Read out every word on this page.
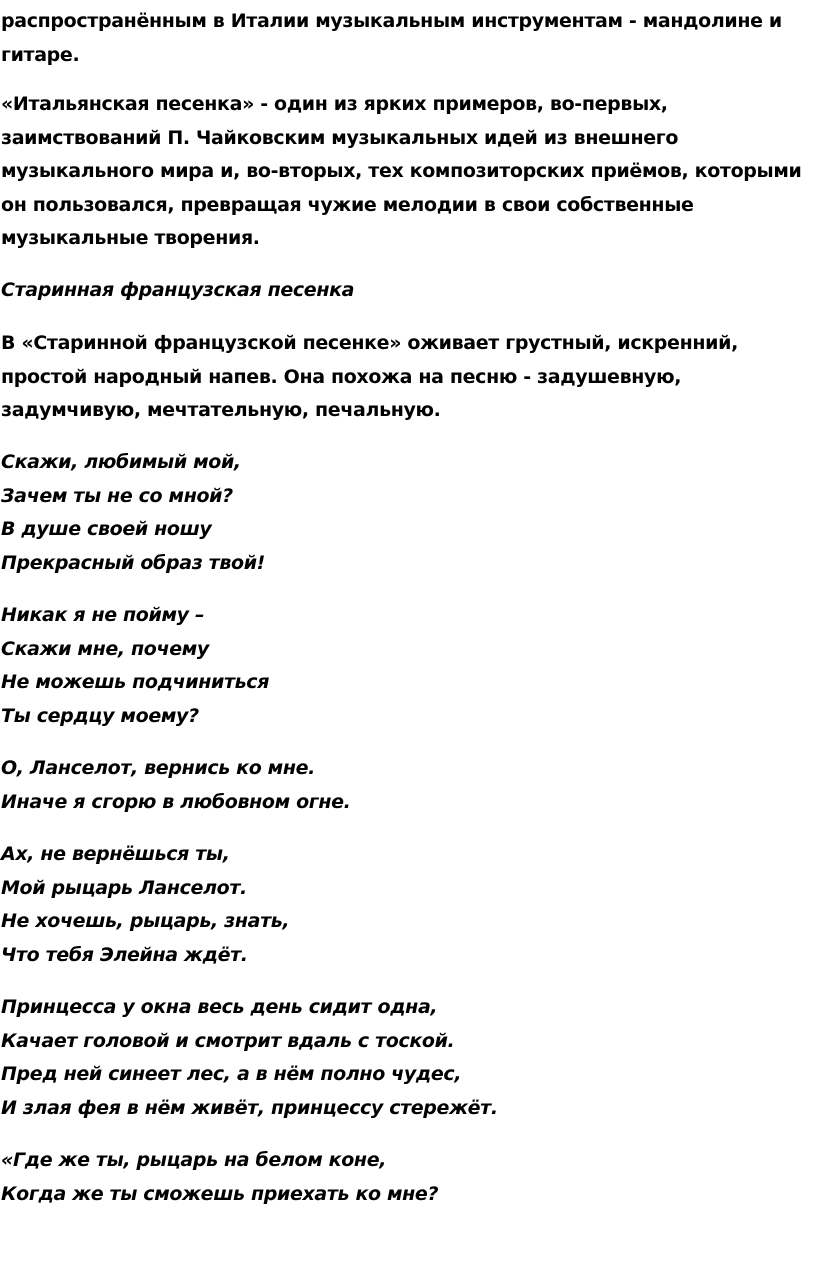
распространённым в Италии музыкальным инструментам - мандолине и
гитаре.
«Итальянская песенка» - один из ярких примеров, во-первых,
заимствований П. Чайковским музыкальных идей из внешнего
музыкального мира и, во-вторых, тех композиторских приёмов, которыми
он пользовался, превращая чужие мелодии в свои собственные
музыкальные творения.
Старинная французская песенка
В «Старинной французской песенке» оживает грустный, искренний,
простой народный напев. Она похожа на песню - задушевную,
задумчивую, мечтательную, печальную.
Скажи, любимый мой,
Зачем ты не со мной?
В душе своей ношу
Прекрасный образ твой!
Никак я не пойму –
Скажи мне, почему
Не можешь подчиниться
Ты сердцу моему?
О, Ланселот, вернись ко мне.
Иначе я сгорю в любовном огне.
Ах, не вернёшься ты,
Мой рыцарь Ланселот.
Не хочешь, рыцарь, знать,
Что тебя Элейна ждёт.
Принцесса у окна весь день сидит одна,
Качает головой и смотрит вдаль с тоской.
Пред ней синеет лес, а в нём полно чудес,
И злая фея в нём живёт, принцессу стережёт.
«Где же ты, рыцарь на белом коне,
Когда же ты сможешь приехать ко мне?
